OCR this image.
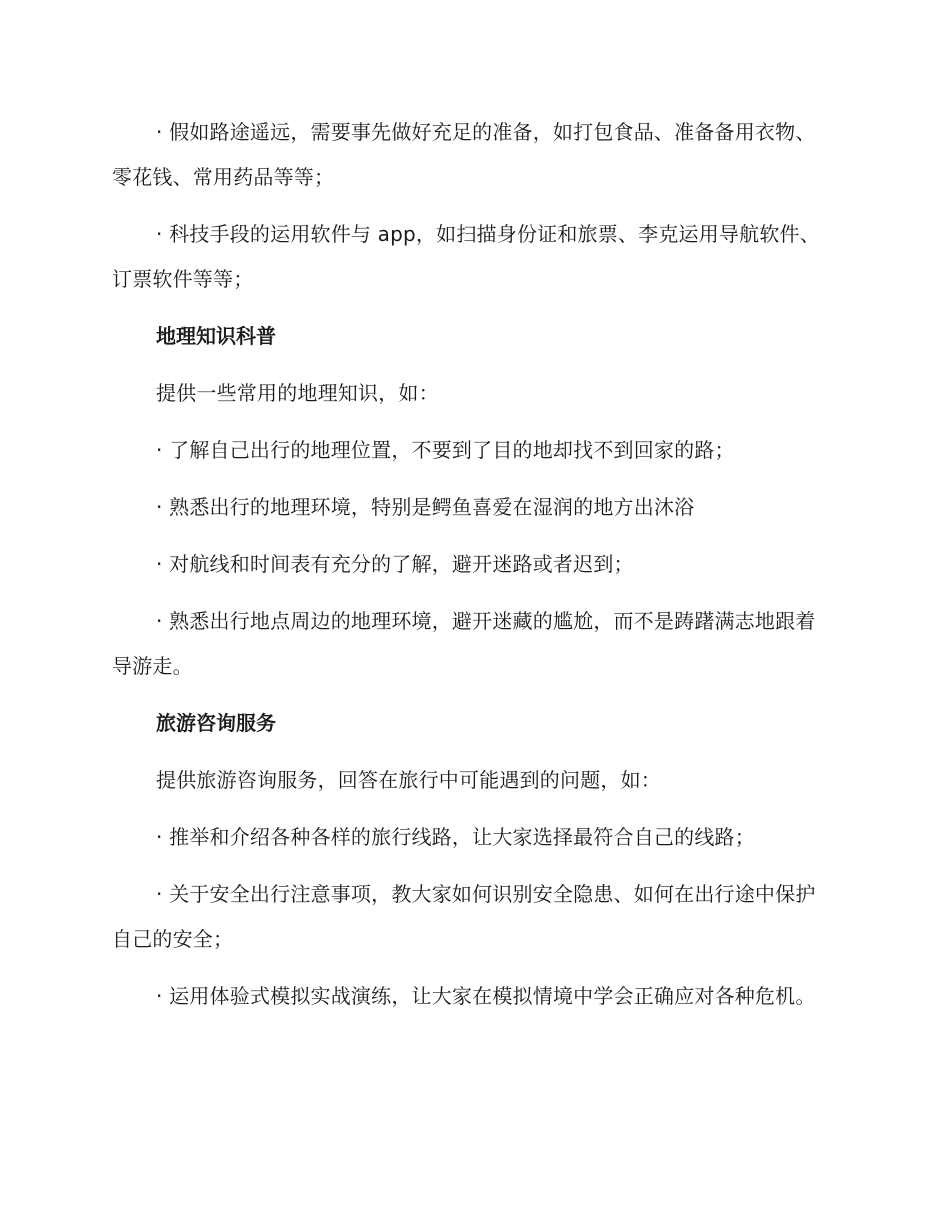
· 假如路途遥远，需要事先做好充足的准备，如打包食品、准备备用衣物、零花钱、常用药品等等；

· 科技手段的运用软件与 app，如扫描身份证和旅票、李克运用导航软件、订票软件等等；

地理知识科普

提供一些常用的地理知识，如：

· 了解自己出行的地理位置，不要到了目的地却找不到回家的路；

· 熟悉出行的地理环境，特别是鳄鱼喜爱在湿润的地方出沐浴

· 对航线和时间表有充分的了解，避开迷路或者迟到；

· 熟悉出行地点周边的地理环境，避开迷藏的尴尬，而不是踌躇满志地跟着导游走。

旅游咨询服务

提供旅游咨询服务，回答在旅行中可能遇到的问题，如：

· 推举和介绍各种各样的旅行线路，让大家选择最符合自己的线路；

· 关于安全出行注意事项，教大家如何识别安全隐患、如何在出行途中保护自己的安全；

· 运用体验式模拟实战演练，让大家在模拟情境中学会正确应对各种危机。
